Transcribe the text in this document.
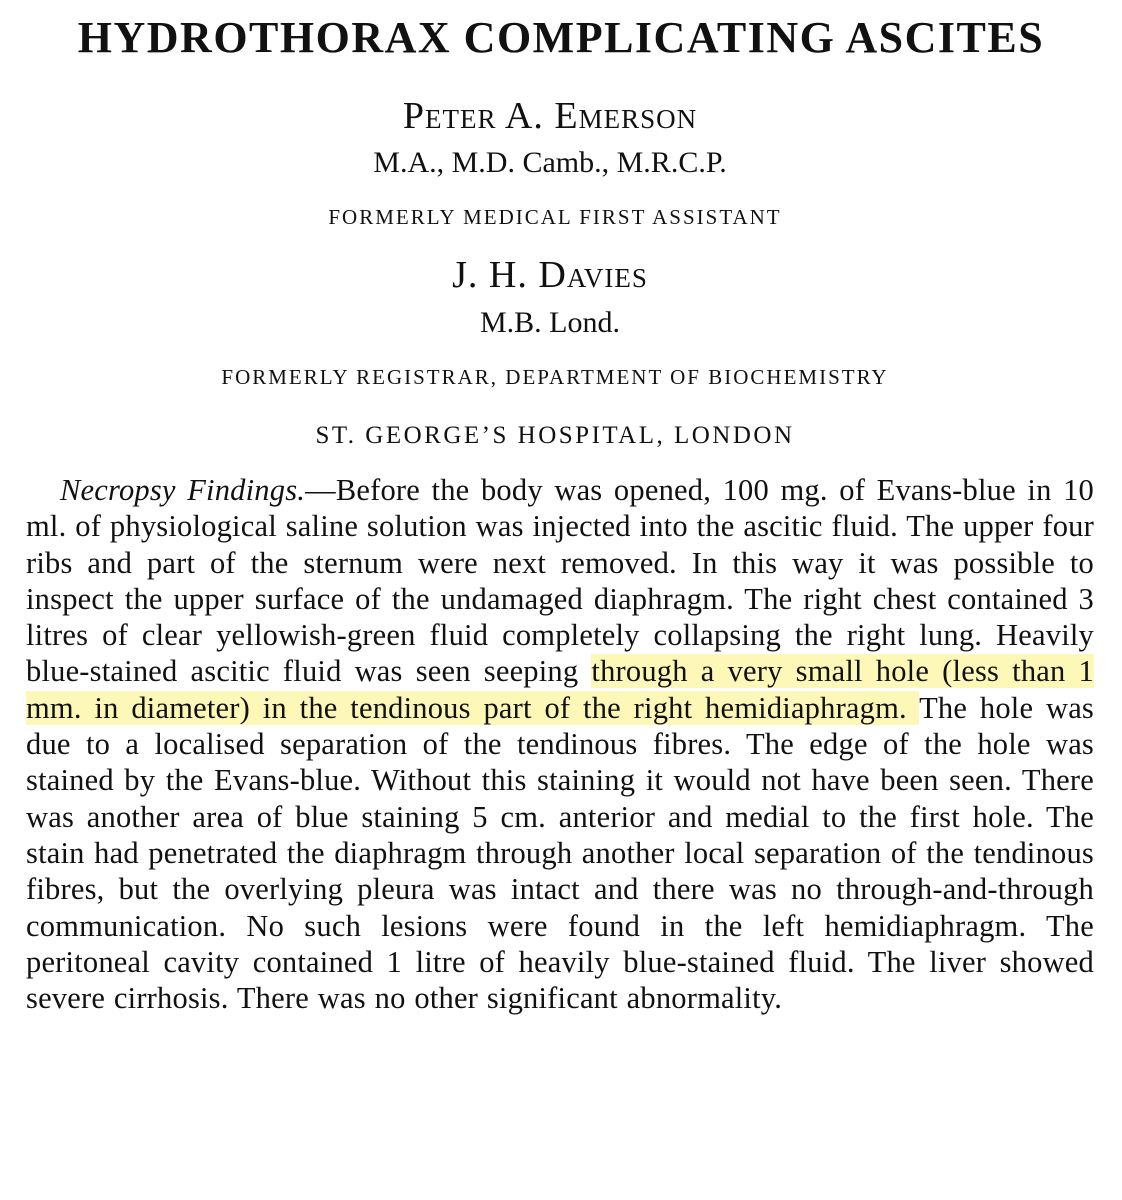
HYDROTHORAX COMPLICATING ASCITES

Peter A. Emerson

M.A., M.D. Camb., M.R.C.P.

FORMERLY MEDICAL FIRST ASSISTANT

J. H. Davies

M.B. Lond.

FORMERLY REGISTRAR, DEPARTMENT OF BIOCHEMISTRY

ST. GEORGE’S HOSPITAL, LONDON

Necropsy Findings.—Before the body was opened, 100 mg. of Evans-blue in 10 ml. of physiological saline solution was injected into the ascitic fluid. The upper four ribs and part of the sternum were next removed. In this way it was possible to inspect the upper surface of the undamaged diaphragm. The right chest contained 3 litres of clear yellowish-green fluid completely collapsing the right lung. Heavily blue-stained ascitic fluid was seen seeping through a very small hole (less than 1 mm. in diameter) in the tendinous part of the right hemidiaphragm. The hole was due to a localised separation of the tendinous fibres. The edge of the hole was stained by the Evans-blue. Without this staining it would not have been seen. There was another area of blue staining 5 cm. anterior and medial to the first hole. The stain had penetrated the diaphragm through another local separation of the tendinous fibres, but the overlying pleura was intact and there was no through-and-through communication. No such lesions were found in the left hemidiaphragm. The peritoneal cavity contained 1 litre of heavily blue-stained fluid. The liver showed severe cirrhosis. There was no other significant abnormality.
